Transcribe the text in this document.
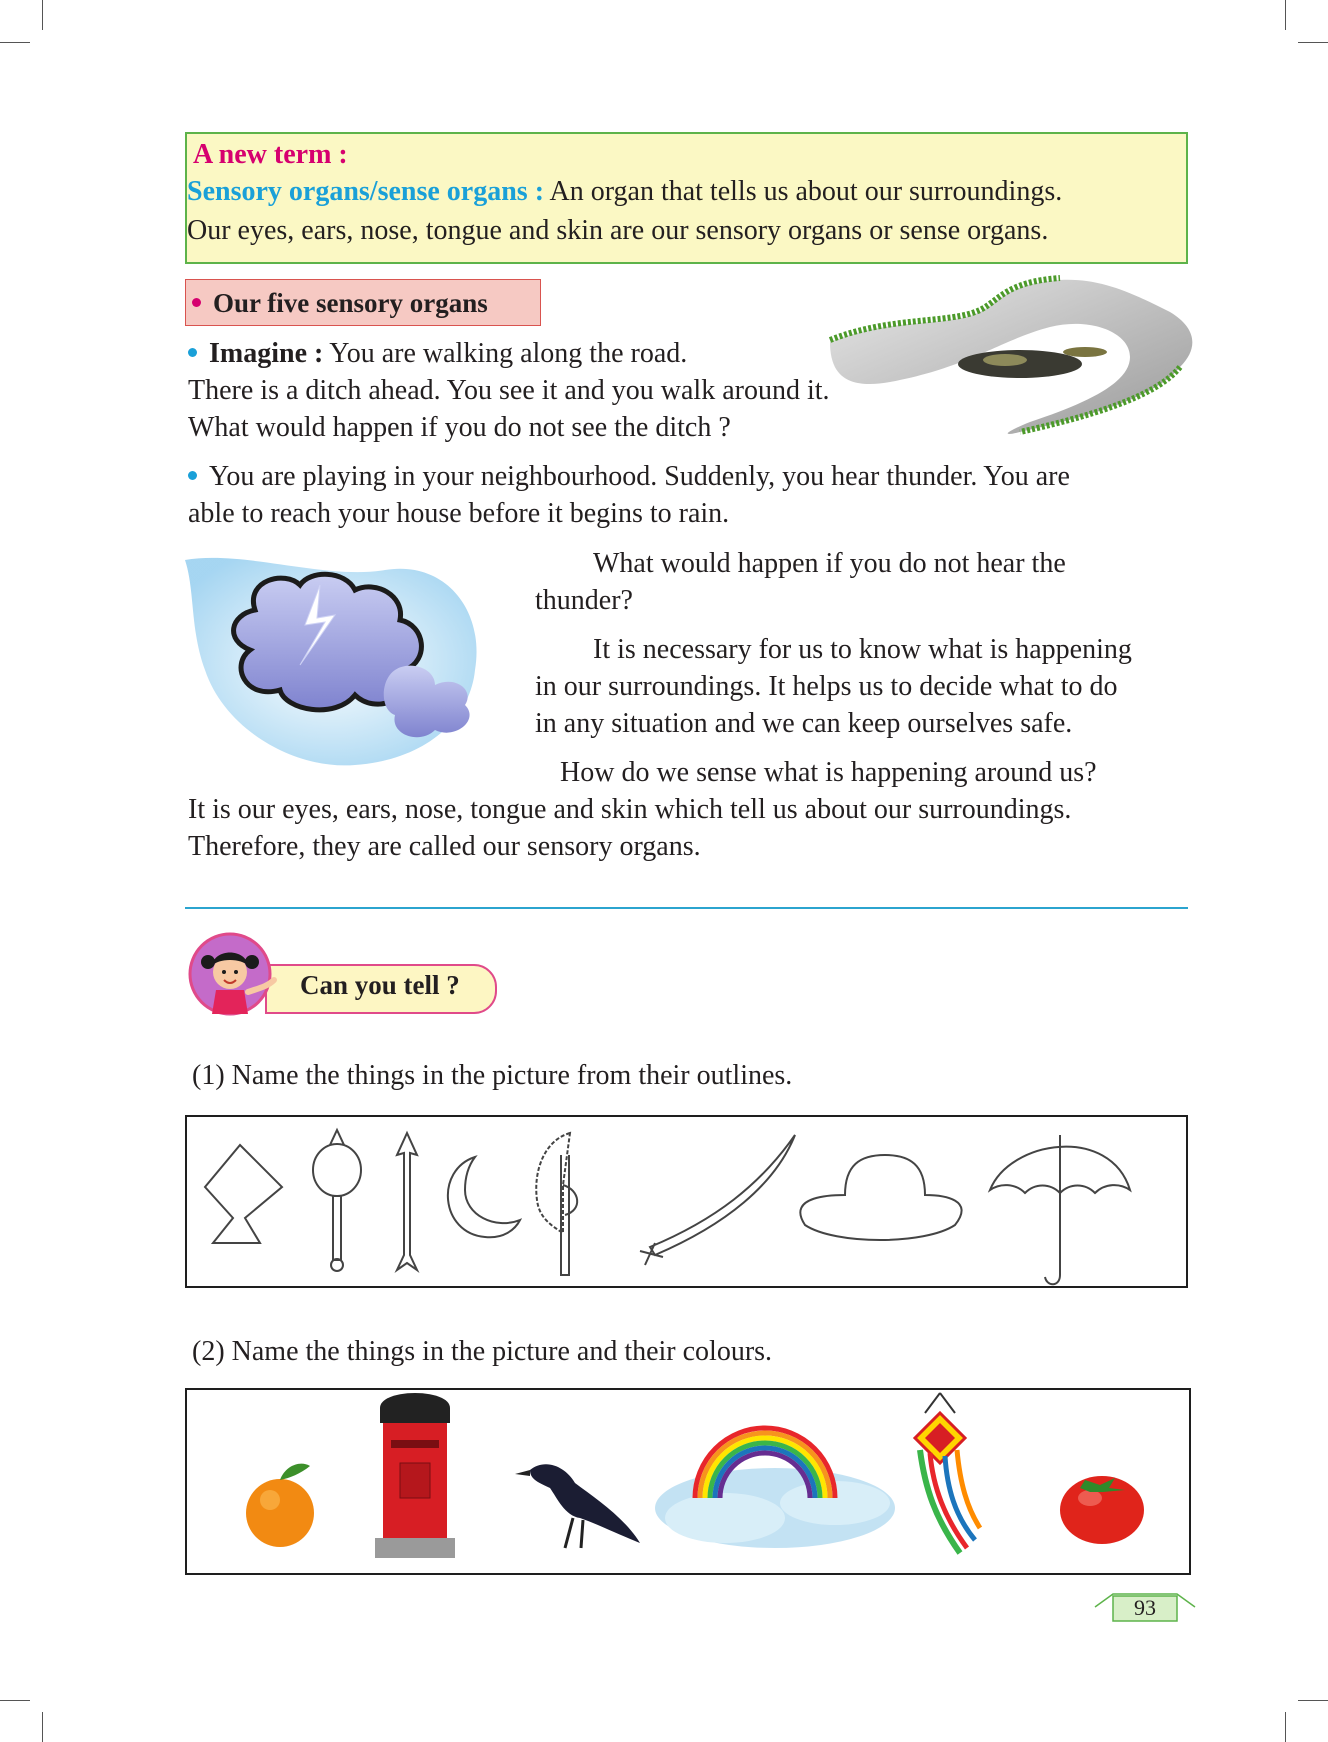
A new term :

Sensory organs/sense organs : An organ that tells us about our surroundings.

Our eyes, ears, nose, tongue and skin are our sensory organs or sense organs.

Our five sensory organs

Imagine : You are walking along the road.

There is a ditch ahead. You see it and you walk around it.

What would happen if you do not see the ditch ?

You are playing in your neighbourhood. Suddenly, you hear thunder. You are

able to reach your house before it begins to rain.

What would happen if you do not hear the

thunder?

It is necessary for us to know what is happening

in our surroundings. It helps us to decide what to do

in any situation and we can keep ourselves safe.

How do we sense what is happening around us?

It is our eyes, ears, nose, tongue and skin which tell us about our surroundings.

Therefore, they are called our sensory organs.

Can you tell ?

(1) Name the things in the picture from their outlines.

(2) Name the things in the picture and their colours.

93
